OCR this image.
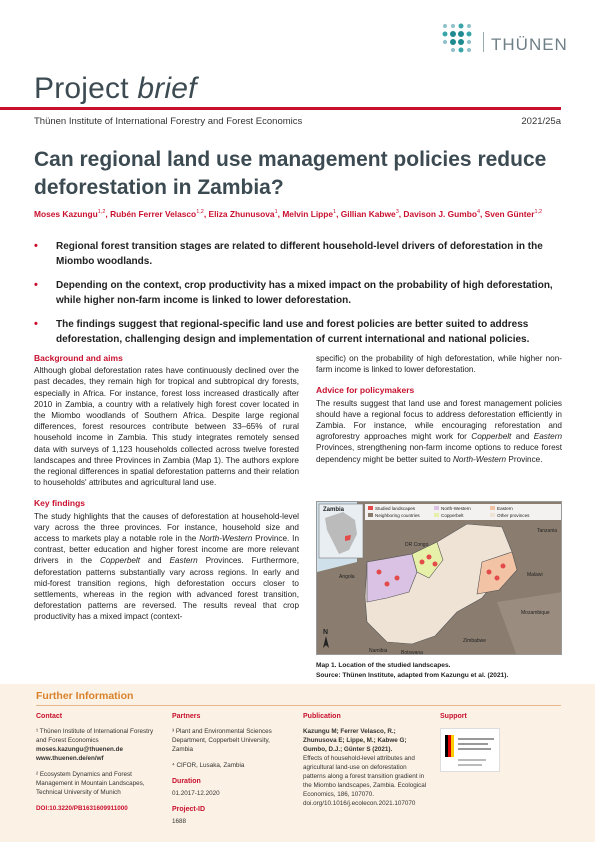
THÜNEN
Project brief
Thünen Institute of International Forestry and Forest Economics	2021/25a
Can regional land use management policies reduce deforestation in Zambia?
Moses Kazungu$^{1,2}$, Rubén Ferrer Velasco$^{1,2}$, Eliza Zhunusova$^1$, Melvin Lippe$^1$, Gillian Kabwe$^3$, Davison J. Gumbo$^4$, Sven Günter$^{1,2}$
• Regional forest transition stages are related to different household-level drivers of deforestation in the Miombo woodlands.
• Depending on the context, crop productivity has a mixed impact on the probability of high deforestation, while higher non-farm income is linked to lower deforestation.
• The findings suggest that regional-specific land use and forest policies are better suited to address deforestation, challenging design and implementation of current international and national policies.
Background and aims

Although global deforestation rates have continuously declined over the past decades, they remain high for tropical and subtropical dry forests, especially in Africa. For instance, forest loss increased drastically after 2010 in Zambia, a country with a relatively high forest cover located in the Miombo woodlands of Southern Africa. Despite large regional differences, forest resources contribute between 33–65% of rural household income in Zambia. This study integrates remotely sensed data with surveys of 1,123 households collected across twelve forested landscapes and three Provinces in Zambia (Map 1). The authors explore the regional differences in spatial deforestation patterns and their relation to households' attributes and agricultural land use.

Key findings

The study highlights that the causes of deforestation at household-level vary across the three provinces. For instance, household size and access to markets play a notable role in the North-Western Province. In contrast, better education and higher forest income are more relevant drivers in the Copperbelt and Eastern Provinces. Furthermore, deforestation patterns substantially vary across regions. In early and mid-forest transition regions, high deforestation occurs closer to settlements, whereas in the region with advanced forest transition, deforestation patterns are reversed. The results reveal that crop productivity has a mixed impact (context-

specific) on the probability of high deforestation, while higher non-farm income is linked to lower deforestation.

Advice for policymakers

The results suggest that land use and forest management policies should have a regional focus to address deforestation efficiently in Zambia. For instance, while encouraging reforestation and agroforestry approaches might work for Copperbelt and Eastern Provinces, strengthening non-farm income options to reduce forest dependency might be better suited to North-Western Province.

Zambia	Studied landscapes	North-Western	Eastern
Neighboring countries	Copperbelt	Other provinces
DR Congo
Tanzania
Angola	Malawi
Mozambique
Zimbabwe
Namibia	Botswana
N
Map 1. Location of the studied landscapes.
Source: Thünen Institute, adapted from Kazungu et al. (2021).
Further Information
Contact
¹ Thünen Institute of International Forestry and Forest Economics
moses.kazungu@thuenen.de
www.thuenen.de/en/wf
² Ecosystem Dynamics and Forest Management in Mountain Landscapes, Technical University of Munich
DOI:10.3220/PB1631609911000
Partners
³ Plant and Environmental Sciences Department, Copperbelt University, Zambia
⁴ CIFOR, Lusaka, Zambia
Duration
01.2017-12.2020
Project-ID
1688
Publication
Kazungu M; Ferrer Velasco, R.; Zhunusova E; Lippe, M.; Kabwe G; Gumbo, D.J.; Günter S (2021).
Effects of household-level attributes and agricultural land-use on deforestation patterns along a forest transition gradient in the Miombo landscapes, Zambia. Ecological Economics, 186, 107070.
doi.org/10.1016/j.ecolecon.2021.107070
Support
